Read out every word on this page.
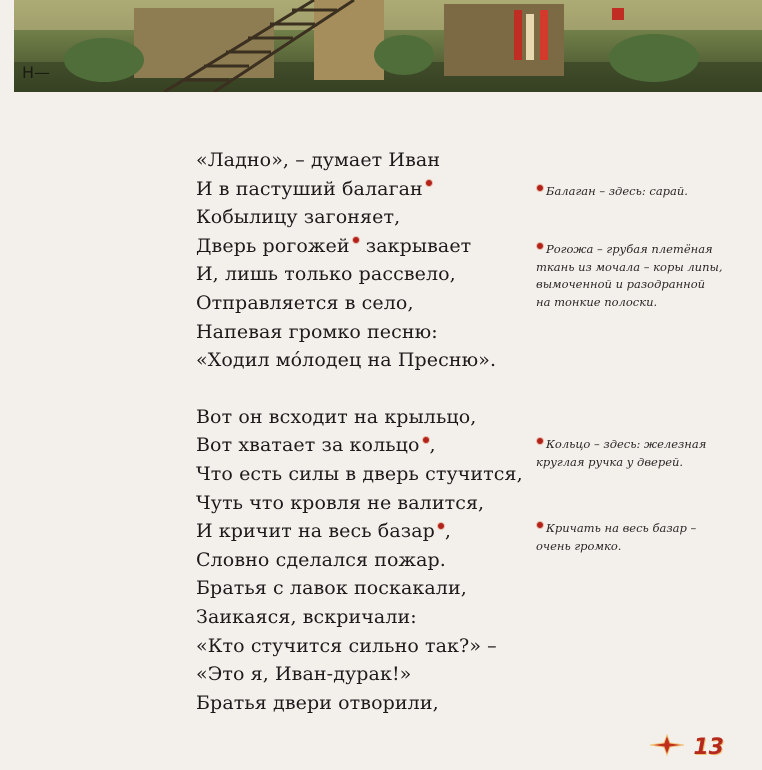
H—
«Ладно», – думает Иван
И в пастуший балаган
Кобылицу загоняет,
Дверь рогожей закрывает
И, лишь только рассвело,
Отправляется в село,
Напевая громко песню:
«Ходил мóлодец на Пресню».
Вот он всходит на крыльцо,
Вот хватает за кольцо ,
Что есть силы в дверь стучится,
Чуть что кровля не валится,
И кричит на весь базар ,
Словно сделался пожар.
Братья с лавок поскакали,
Заикаяся, вскричали:
«Кто стучится сильно так?» –
«Это я, Иван-дурак!»
Братья двери отворили,
Балаган – здесь: сарай.
Рогожа – грубая плетёная
ткань из мочала – коры липы,
вымоченной и разодранной
на тонкие полоски.
Кольцо – здесь: железная
круглая ручка у дверей.
Кричать на весь базар –
очень громко.
13
